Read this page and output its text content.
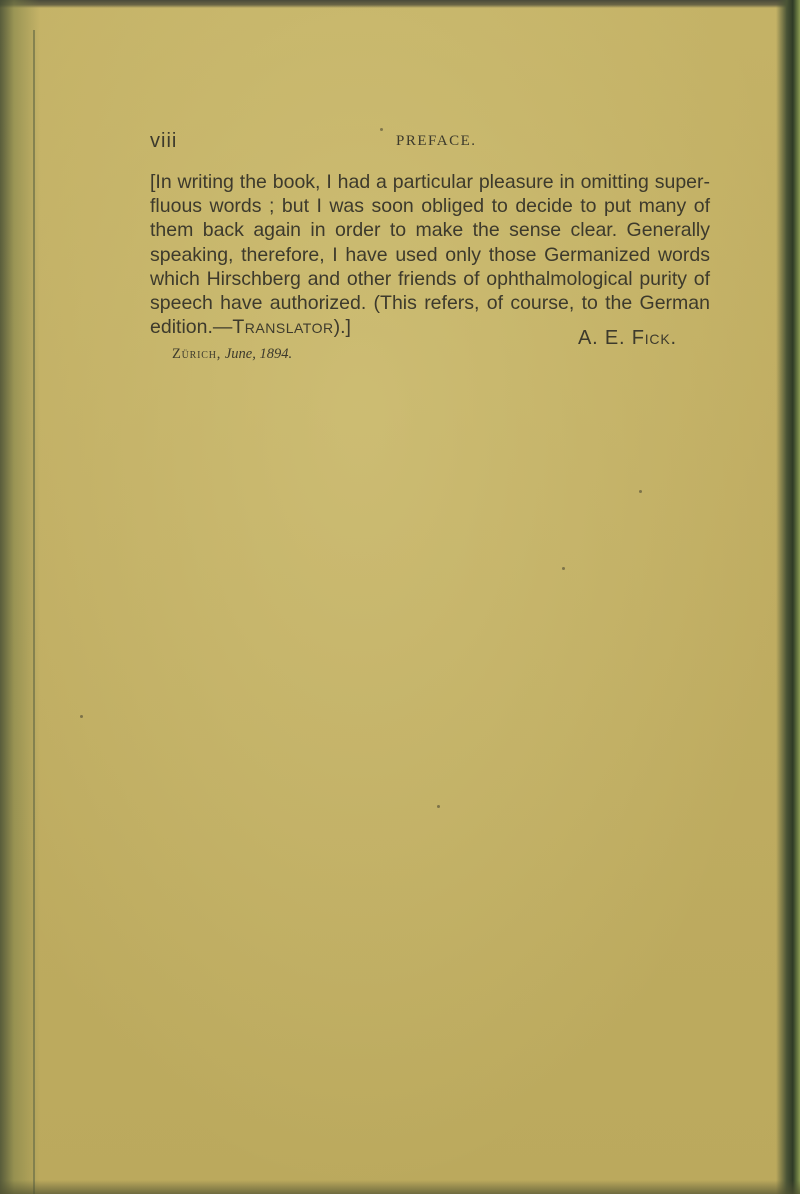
viii	PREFACE.
[In writing the book, I had a particular pleasure in omitting super-
fluous words ; but I was soon obliged to decide to put many of
them back again in order to make the sense clear. Generally
speaking, therefore, I have used only those Germanized words
which Hirschberg and other friends of ophthalmological purity of
speech have authorized. (This refers, of course, to the German
edition.—Translator).]	A. E. Fick.
Zürich, June, 1894.
